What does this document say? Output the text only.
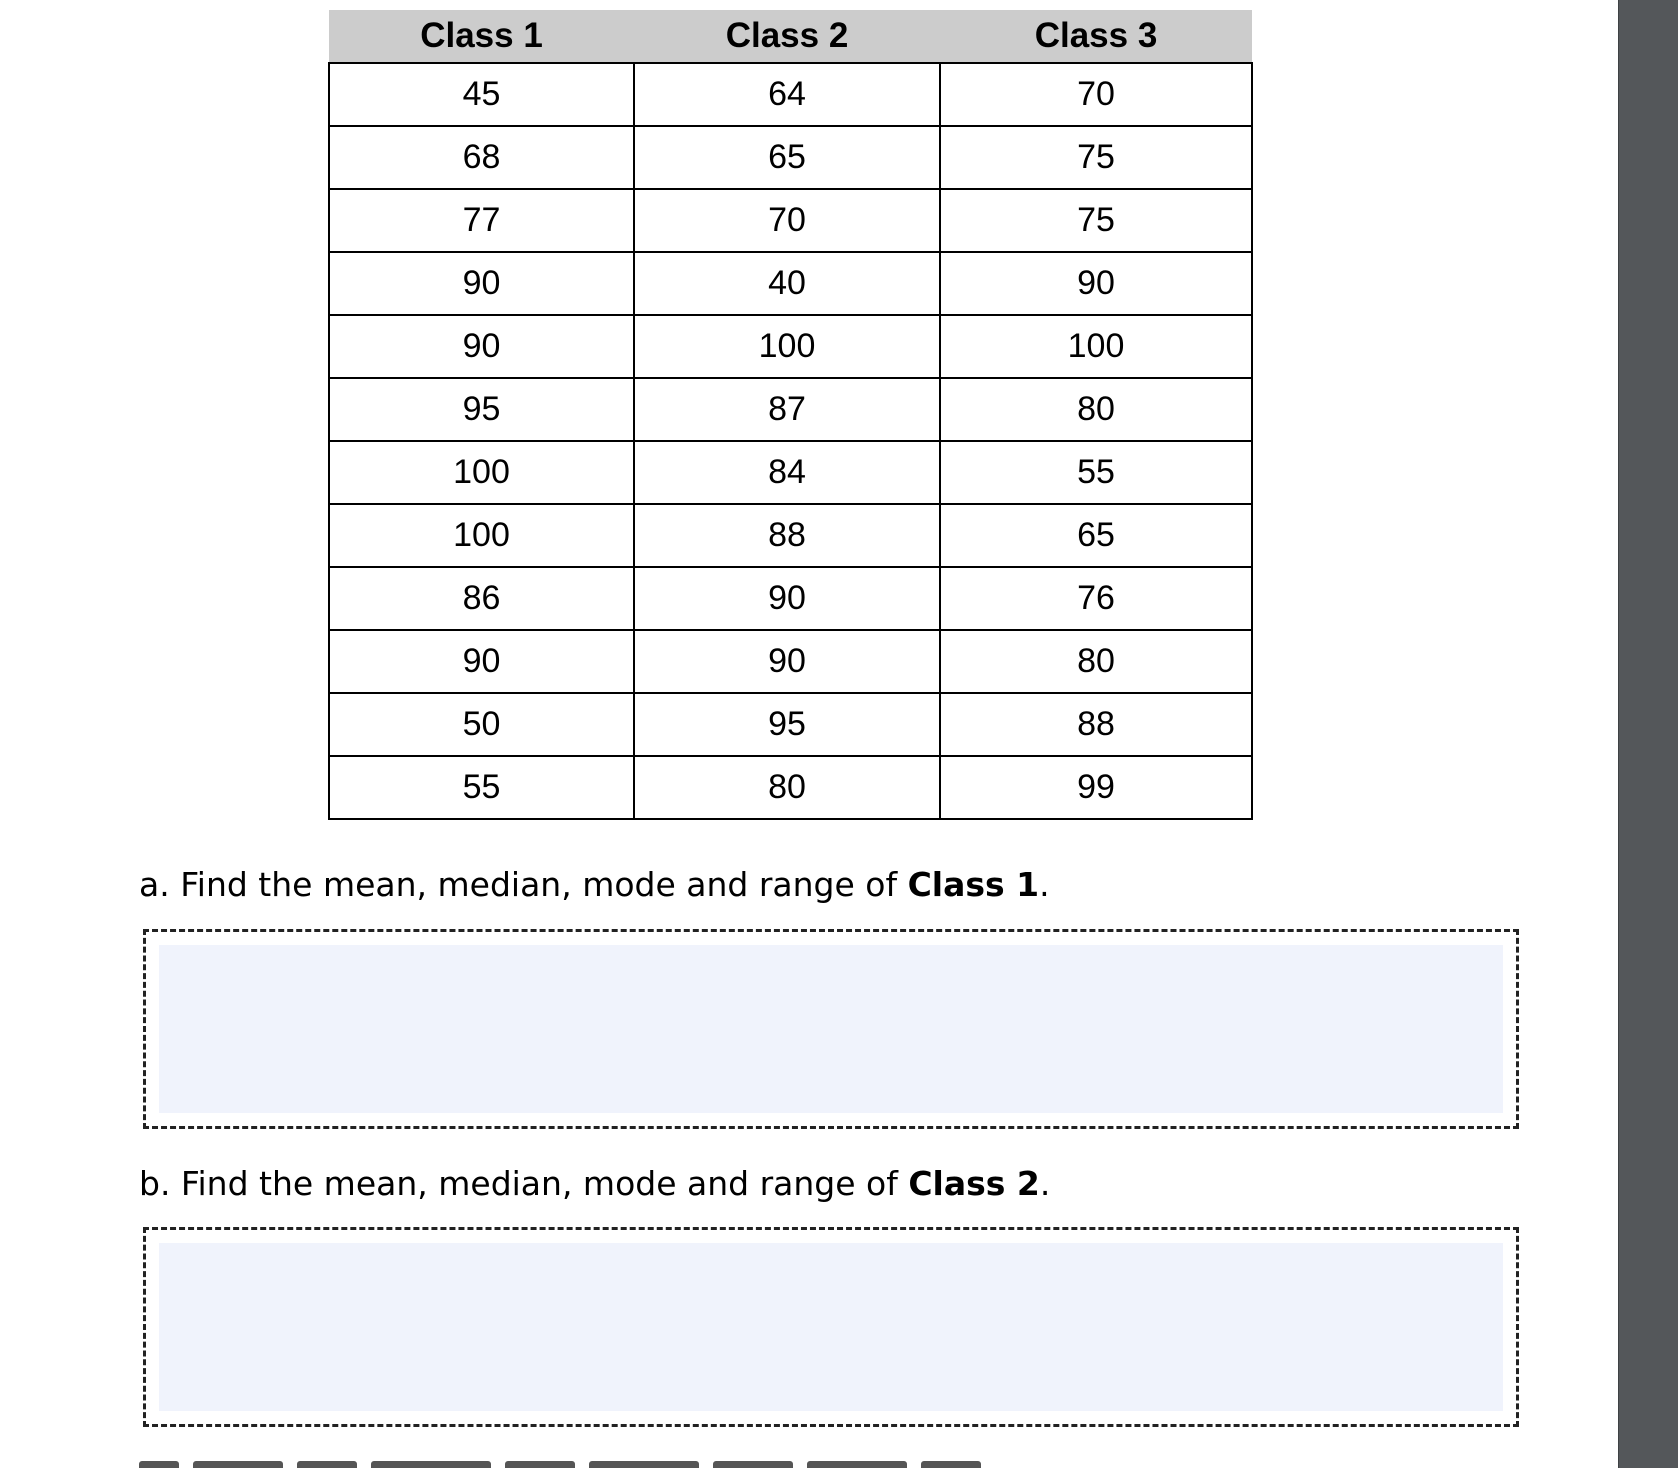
Class 1	Class 2	Class 3
45	64	70
68	65	75
77	70	75
90	40	90
90	100	100
95	87	80
100	84	55
100	88	65
86	90	76
90	90	80
50	95	88
55	80	99

a. Find the mean, median, mode and range of Class 1.

b. Find the mean, median, mode and range of Class 2.
